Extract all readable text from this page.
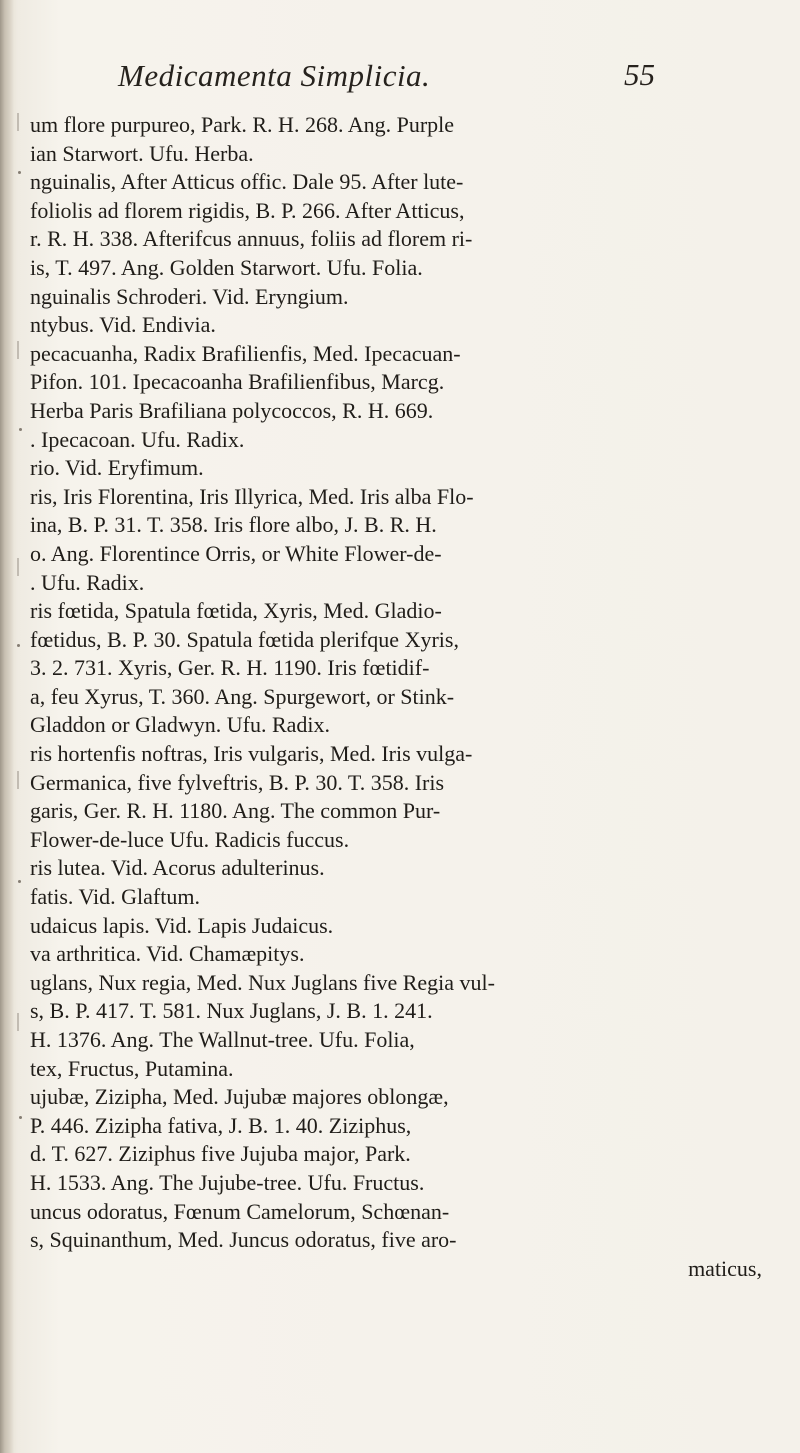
Medicamenta Simplicia.	55
um flore purpureo, Park. R. H. 268. Ang. Purple
ian Starwort. Ufu. Herba.
nguinalis, After Atticus offic. Dale 95. After lute-
foliolis ad florem rigidis, B. P. 266. After Atticus,
r. R. H. 338. Afterifcus annuus, foliis ad florem ri-
is, T. 497. Ang. Golden Starwort. Ufu. Folia.
nguinalis Schroderi. Vid. Eryngium.
ntybus. Vid. Endivia.
pecacuanha, Radix Brafilienfis, Med. Ipecacuan-
Pifon. 101. Ipecacoanha Brafilienfibus, Marcg.
Herba Paris Brafiliana polycoccos, R. H. 669.
. Ipecacoan. Ufu. Radix.
rio. Vid. Eryfimum.
ris, Iris Florentina, Iris Illyrica, Med. Iris alba Flo-
ina, B. P. 31. T. 358. Iris flore albo, J. B. R. H.
o. Ang. Florentince Orris, or White Flower-de-
. Ufu. Radix.
ris fœtida, Spatula fœtida, Xyris, Med. Gladio-
fœtidus, B. P. 30. Spatula fœtida plerifque Xyris,
3. 2. 731. Xyris, Ger. R. H. 1190. Iris fœtidif-
a, feu Xyrus, T. 360. Ang. Spurgewort, or Stink-
Gladdon or Gladwyn. Ufu. Radix.
ris hortenfis noftras, Iris vulgaris, Med. Iris vulga-
Germanica, five fylveftris, B. P. 30. T. 358. Iris
garis, Ger. R. H. 1180. Ang. The common Pur-
Flower-de-luce Ufu. Radicis fuccus.
ris lutea. Vid. Acorus adulterinus.
fatis. Vid. Glaftum.
udaicus lapis. Vid. Lapis Judaicus.
va arthritica. Vid. Chamæpitys.
uglans, Nux regia, Med. Nux Juglans five Regia vul-
s, B. P. 417. T. 581. Nux Juglans, J. B. 1. 241.
H. 1376. Ang. The Wallnut-tree. Ufu. Folia,
tex, Fructus, Putamina.
ujubæ, Zizipha, Med. Jujubæ majores oblongæ,
P. 446. Zizipha fativa, J. B. 1. 40. Ziziphus,
d. T. 627. Ziziphus five Jujuba major, Park.
H. 1533. Ang. The Jujube-tree. Ufu. Fructus.
uncus odoratus, Fœnum Camelorum, Schœnan-
s, Squinanthum, Med. Juncus odoratus, five aro-
maticus,
